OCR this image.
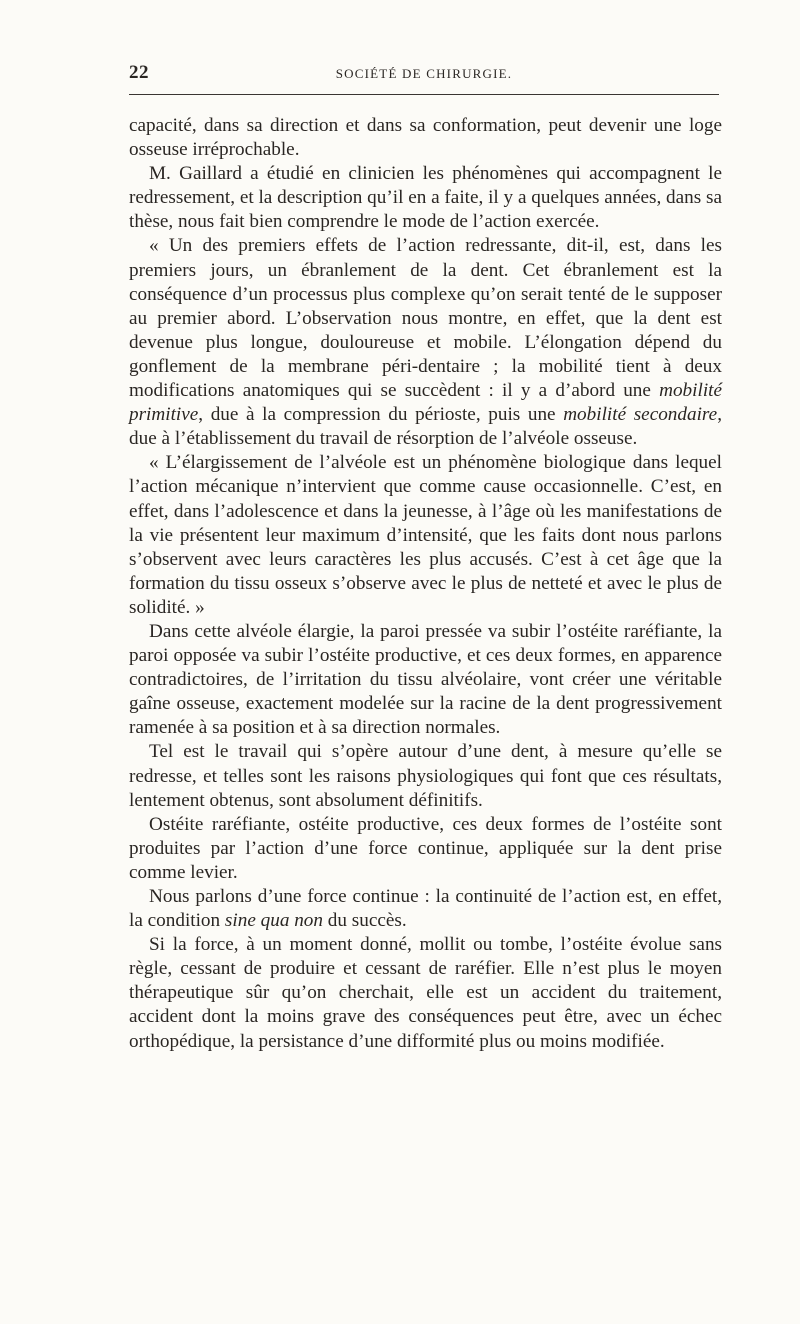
22	SOCIÉTÉ DE CHIRURGIE.

capacité, dans sa direction et dans sa conformation, peut devenir une loge osseuse irréprochable.

M. Gaillard a étudié en clinicien les phénomènes qui accompagnent le redressement, et la description qu’il en a faite, il y a quelques années, dans sa thèse, nous fait bien comprendre le mode de l’action exercée.

« Un des premiers effets de l’action redressante, dit-il, est, dans les premiers jours, un ébranlement de la dent. Cet ébranlement est la conséquence d’un processus plus complexe qu’on serait tenté de le supposer au premier abord. L’observation nous montre, en effet, que la dent est devenue plus longue, douloureuse et mobile. L’élongation dépend du gonflement de la membrane péri-dentaire ; la mobilité tient à deux modifications anatomiques qui se succèdent : il y a d’abord une mobilité primitive, due à la compression du périoste, puis une mobilité secondaire, due à l’établissement du travail de résorption de l’alvéole osseuse.

« L’élargissement de l’alvéole est un phénomène biologique dans lequel l’action mécanique n’intervient que comme cause occasionnelle. C’est, en effet, dans l’adolescence et dans la jeunesse, à l’âge où les manifestations de la vie présentent leur maximum d’intensité, que les faits dont nous parlons s’observent avec leurs caractères les plus accusés. C’est à cet âge que la formation du tissu osseux s’observe avec le plus de netteté et avec le plus de solidité. »

Dans cette alvéole élargie, la paroi pressée va subir l’ostéite raréfiante, la paroi opposée va subir l’ostéite productive, et ces deux formes, en apparence contradictoires, de l’irritation du tissu alvéolaire, vont créer une véritable gaîne osseuse, exactement modelée sur la racine de la dent progressivement ramenée à sa position et à sa direction normales.

Tel est le travail qui s’opère autour d’une dent, à mesure qu’elle se redresse, et telles sont les raisons physiologiques qui font que ces résultats, lentement obtenus, sont absolument définitifs.

Ostéite raréfiante, ostéite productive, ces deux formes de l’ostéite sont produites par l’action d’une force continue, appliquée sur la dent prise comme levier.

Nous parlons d’une force continue : la continuité de l’action est, en effet, la condition sine qua non du succès.

Si la force, à un moment donné, mollit ou tombe, l’ostéite évolue sans règle, cessant de produire et cessant de raréfier. Elle n’est plus le moyen thérapeutique sûr qu’on cherchait, elle est un accident du traitement, accident dont la moins grave des conséquences peut être, avec un échec orthopédique, la persistance d’une difformité plus ou moins modifiée.
